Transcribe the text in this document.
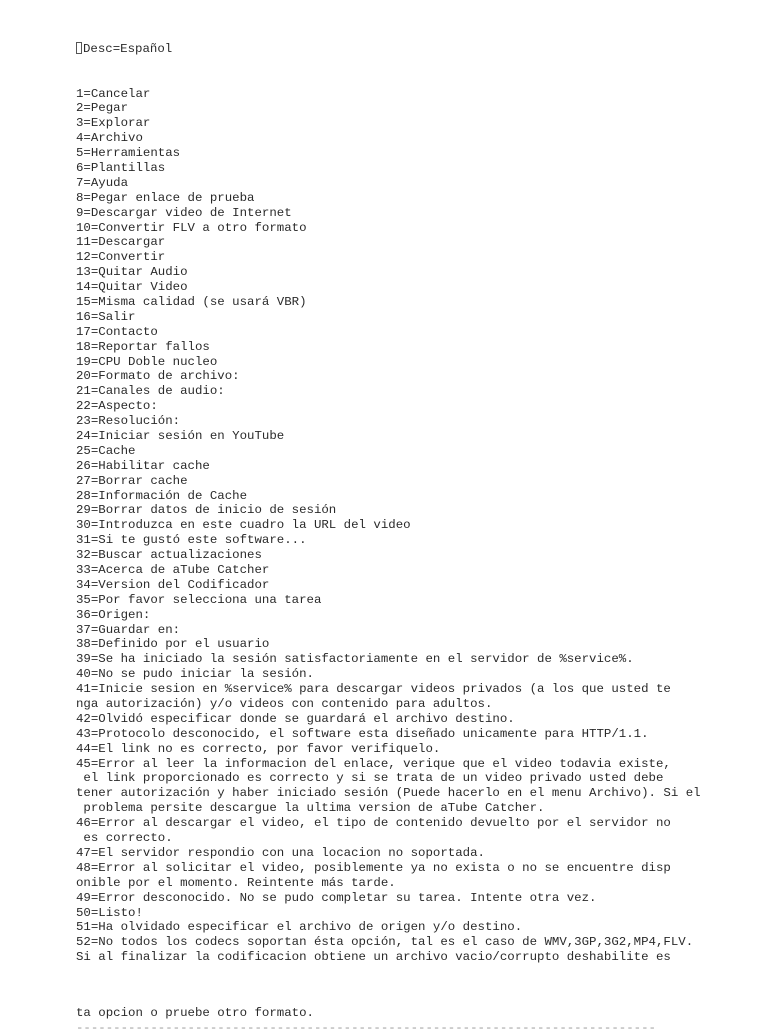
Desc=Español

1=Cancelar
2=Pegar
3=Explorar
4=Archivo
5=Herramientas
6=Plantillas
7=Ayuda
8=Pegar enlace de prueba
9=Descargar video de Internet
10=Convertir FLV a otro formato
11=Descargar
12=Convertir
13=Quitar Audio
14=Quitar Video
15=Misma calidad (se usará VBR)
16=Salir
17=Contacto
18=Reportar fallos
19=CPU Doble nucleo
20=Formato de archivo:
21=Canales de audio:
22=Aspecto:
23=Resolución:
24=Iniciar sesión en YouTube
25=Cache
26=Habilitar cache
27=Borrar cache
28=Información de Cache
29=Borrar datos de inicio de sesión
30=Introduzca en este cuadro la URL del video
31=Si te gustó este software...
32=Buscar actualizaciones
33=Acerca de aTube Catcher
34=Version del Codificador
35=Por favor selecciona una tarea
36=Origen:
37=Guardar en:
38=Definido por el usuario
39=Se ha iniciado la sesión satisfactoriamente en el servidor de %service%.
40=No se pudo iniciar la sesión.
41=Inicie sesion en %service% para descargar videos privados (a los que usted te
nga autorización) y/o videos con contenido para adultos.
42=Olvidó especificar donde se guardará el archivo destino.
43=Protocolo desconocido, el software esta diseñado unicamente para HTTP/1.1.
44=El link no es correcto, por favor verifiquelo.
45=Error al leer la informacion del enlace, verique que el video todavia existe,
el link proporcionado es correcto y si se trata de un video privado usted debe
tener autorización y haber iniciado sesión (Puede hacerlo en el menu Archivo). Si el
problema persite descargue la ultima version de aTube Catcher.
46=Error al descargar el video, el tipo de contenido devuelto por el servidor no
es correcto.
47=El servidor respondio con una locacion no soportada.
48=Error al solicitar el video, posiblemente ya no exista o no se encuentre disp
onible por el momento. Reintente más tarde.
49=Error desconocido. No se pudo completar su tarea. Intente otra vez.
50=Listo!
51=Ha olvidado especificar el archivo de origen y/o destino.
52=No todos los codecs soportan ésta opción, tal es el caso de WMV,3GP,3G2,MP4,FLV.
Si al finalizar la codificacion obtiene un archivo vacio/corrupto deshabilite es

ta opcion o pruebe otro formato.
------------------------------------------------------------------------------
